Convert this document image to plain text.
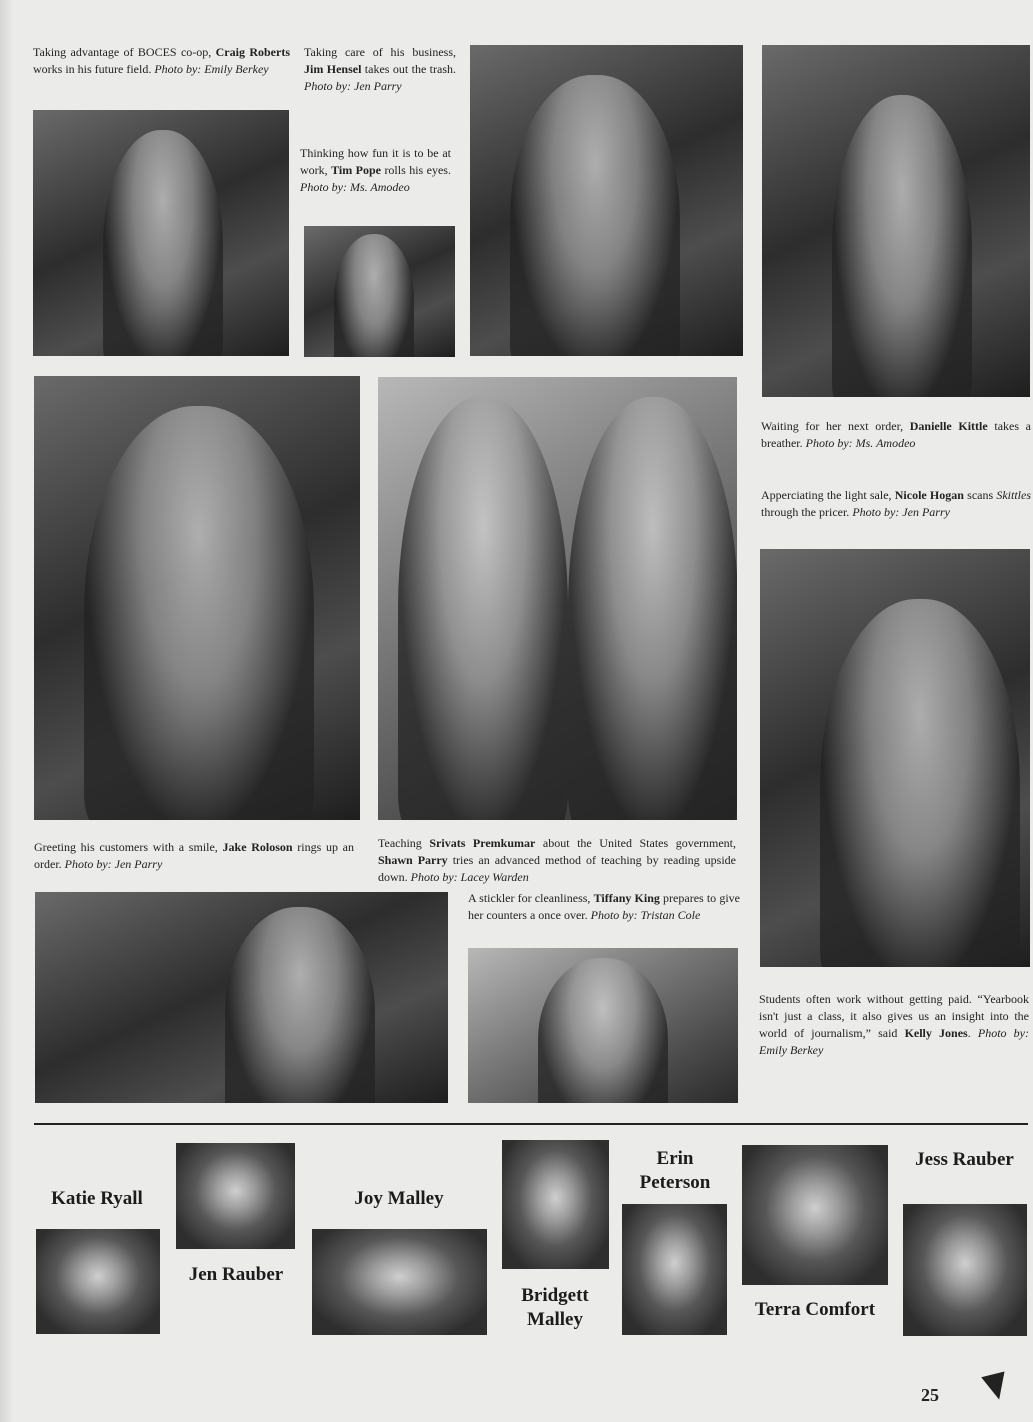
Taking advantage of BOCES co-op, Craig Roberts works in his future field. Photo by: Emily Berkey
Taking care of his business, Jim Hensel takes out the trash. Photo by: Jen Parry
Thinking how fun it is to be at work, Tim Pope rolls his eyes. Photo by: Ms. Amodeo
Waiting for her next order, Danielle Kittle takes a breather. Photo by: Ms. Amodeo
Apperciating the light sale, Nicole Hogan scans Skittles through the pricer. Photo by: Jen Parry
Greeting his customers with a smile, Jake Roloson rings up an order. Photo by: Jen Parry
Teaching Srivats Premkumar about the United States government, Shawn Parry tries an advanced method of teaching by reading upside down. Photo by: Lacey Warden
A stickler for cleanliness, Tiffany King prepares to give her counters a once over. Photo by: Tristan Cole
Students often work without getting paid. “Yearbook isn't just a class, it also gives us an insight into the world of journalism,” said Kelly Jones. Photo by: Emily Berkey
Katie Ryall
Jen Rauber
Joy Malley
Bridgett Malley
Erin Peterson
Terra Comfort
Jess Rauber
25
